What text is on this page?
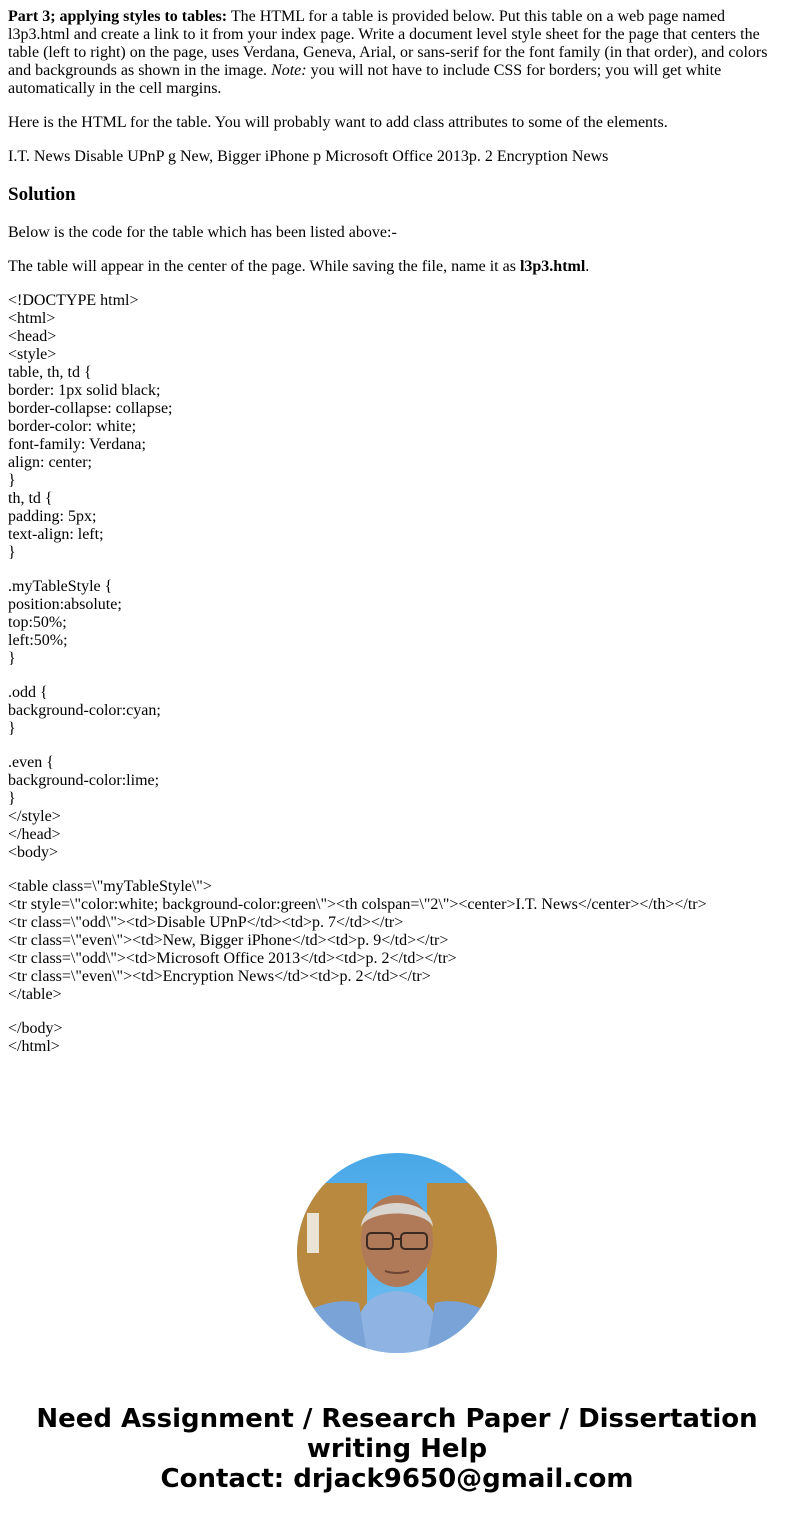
Part 3; applying styles to tables: The HTML for a table is provided below. Put this table on a web page named l3p3.html and create a link to it from your index page. Write a document level style sheet for the page that centers the table (left to right) on the page, uses Verdana, Geneva, Arial, or sans-serif for the font family (in that order), and colors and backgrounds as shown in the image. Note: you will not have to include CSS for borders; you will get white automatically in the cell margins.

Here is the HTML for the table. You will probably want to add class attributes to some of the elements.

I.T. News Disable UPnP g New, Bigger iPhone p Microsoft Office 2013p. 2 Encryption News

Solution

Below is the code for the table which has been listed above:-

The table will appear in the center of the page. While saving the file, name it as l3p3.html.

<!DOCTYPE html>
<html>
<head>
<style>
table, th, td {
border: 1px solid black;
border-collapse: collapse;
border-color: white;
font-family: Verdana;
align: center;
}
th, td {
padding: 5px;
text-align: left;
}

.myTableStyle {
position:absolute;
top:50%;
left:50%;
}

.odd {
background-color:cyan;
}

.even {
background-color:lime;
}
</style>
</head>
<body>

<table class=\"myTableStyle\">
<tr style=\"color:white; background-color:green\"><th colspan=\"2\"><center>I.T. News</center></th></tr>
<tr class=\"odd\"><td>Disable UPnP</td><td>p. 7</td></tr>
<tr class=\"even\"><td>New, Bigger iPhone</td><td>p. 9</td></tr>
<tr class=\"odd\"><td>Microsoft Office 2013</td><td>p. 2</td></tr>
<tr class=\"even\"><td>Encryption News</td><td>p. 2</td></tr>
</table>

</body>
</html>

Need Assignment / Research Paper / Dissertation
writing Help
Contact: drjack9650@gmail.com
